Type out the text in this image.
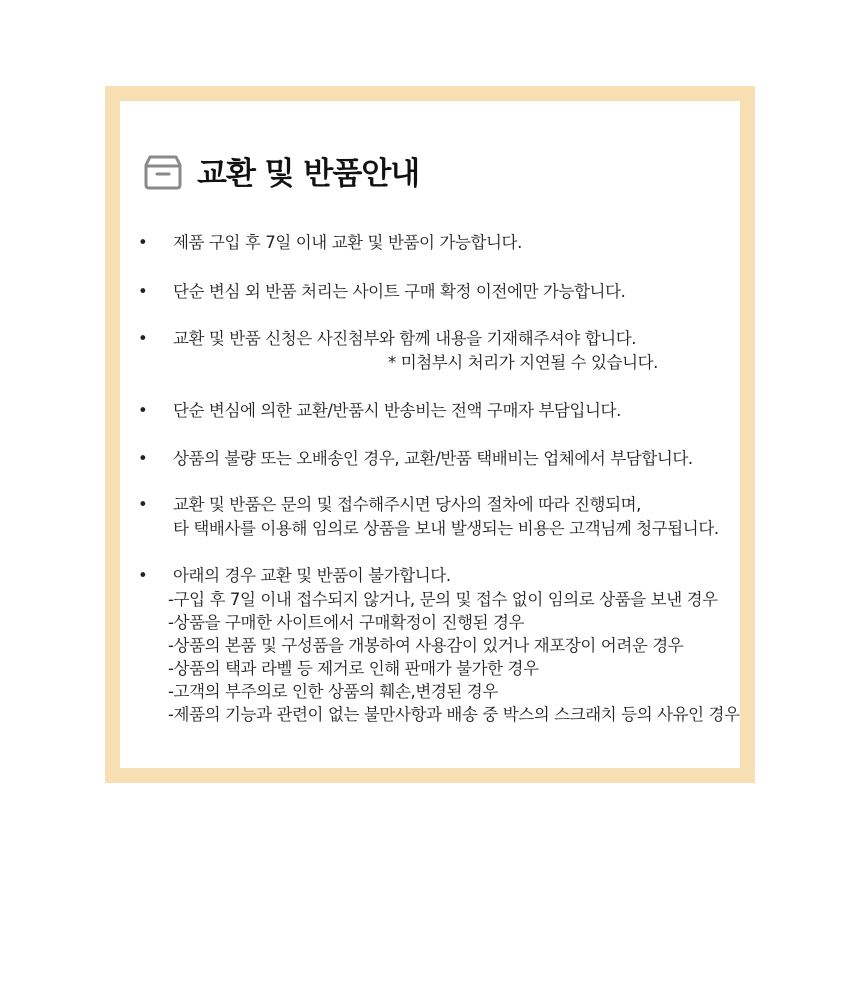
교환 및 반품안내
•	제품 구입 후 7일 이내 교환 및 반품이 가능합니다.
•	단순 변심 외 반품 처리는 사이트 구매 확정 이전에만 가능합니다.
•	교환 및 반품 신청은 사진첨부와 함께 내용을 기재해주셔야 합니다.
* 미첨부시 처리가 지연될 수 있습니다.
•	단순 변심에 의한 교환/반품시 반송비는 전액 구매자 부담입니다.
•	상품의 불량 또는 오배송인 경우, 교환/반품 택배비는 업체에서 부담합니다.
•	교환 및 반품은 문의 및 접수해주시면 당사의 절차에 따라 진행되며,
타 택배사를 이용해 임의로 상품을 보내 발생되는 비용은 고객님께 청구됩니다.
•	아래의 경우 교환 및 반품이 불가합니다.
-구입 후 7일 이내 접수되지 않거나, 문의 및 접수 없이 임의로 상품을 보낸 경우
-상품을 구매한 사이트에서 구매확정이 진행된 경우
-상품의 본품 및 구성품을 개봉하여 사용감이 있거나 재포장이 어려운 경우
-상품의 택과 라벨 등 제거로 인해 판매가 불가한 경우
-고객의 부주의로 인한 상품의 훼손,변경된 경우
-제품의 기능과 관련이 없는 불만사항과 배송 중 박스의 스크래치 등의 사유인 경우
